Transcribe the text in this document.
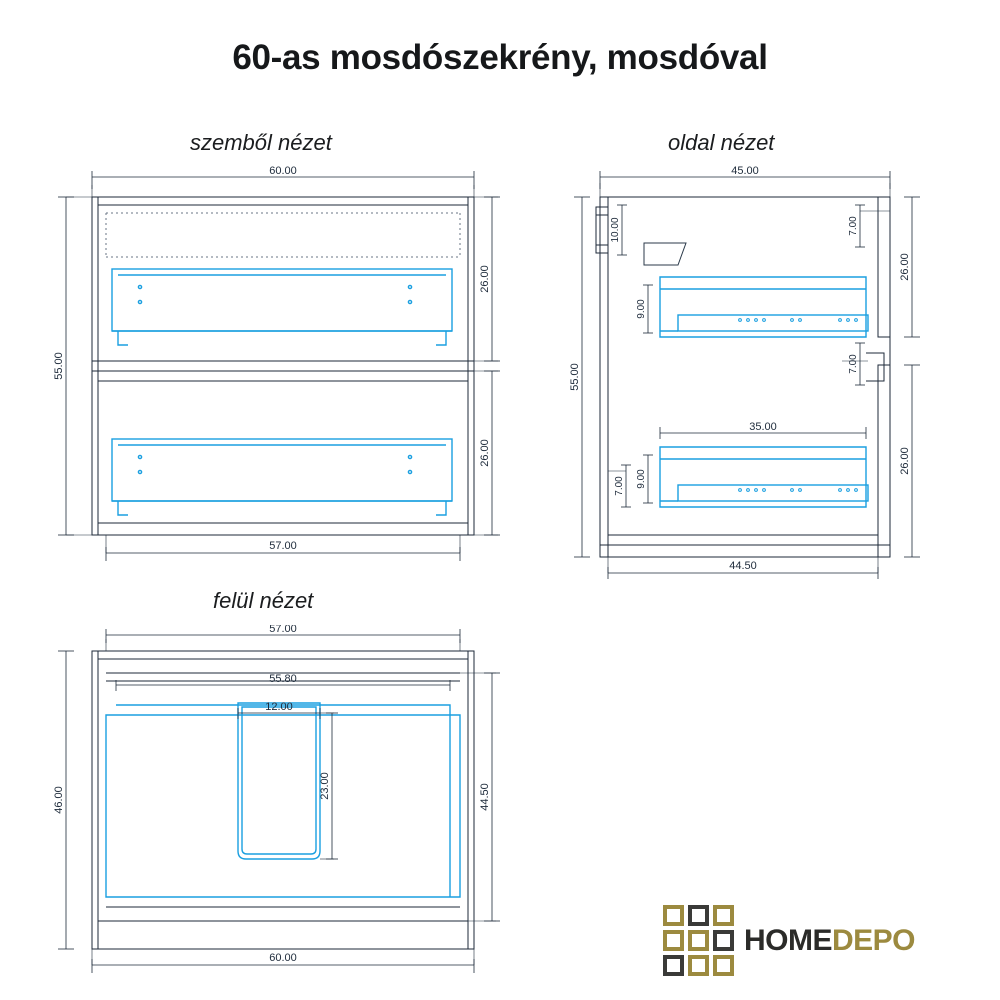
60-as mosdószekrény, mosdóval
szemből nézet	oldal nézet
felül nézet
60.00
57.00
55.00
26.00
26.00
45.00
44.50
55.00
26.00
26.00
10.00	7.00
7.00
7.00
9.00
9.00
35.00
57.00
60.00
55.80
12.00
23.00
46.00	44.50
HOMEDEPO
